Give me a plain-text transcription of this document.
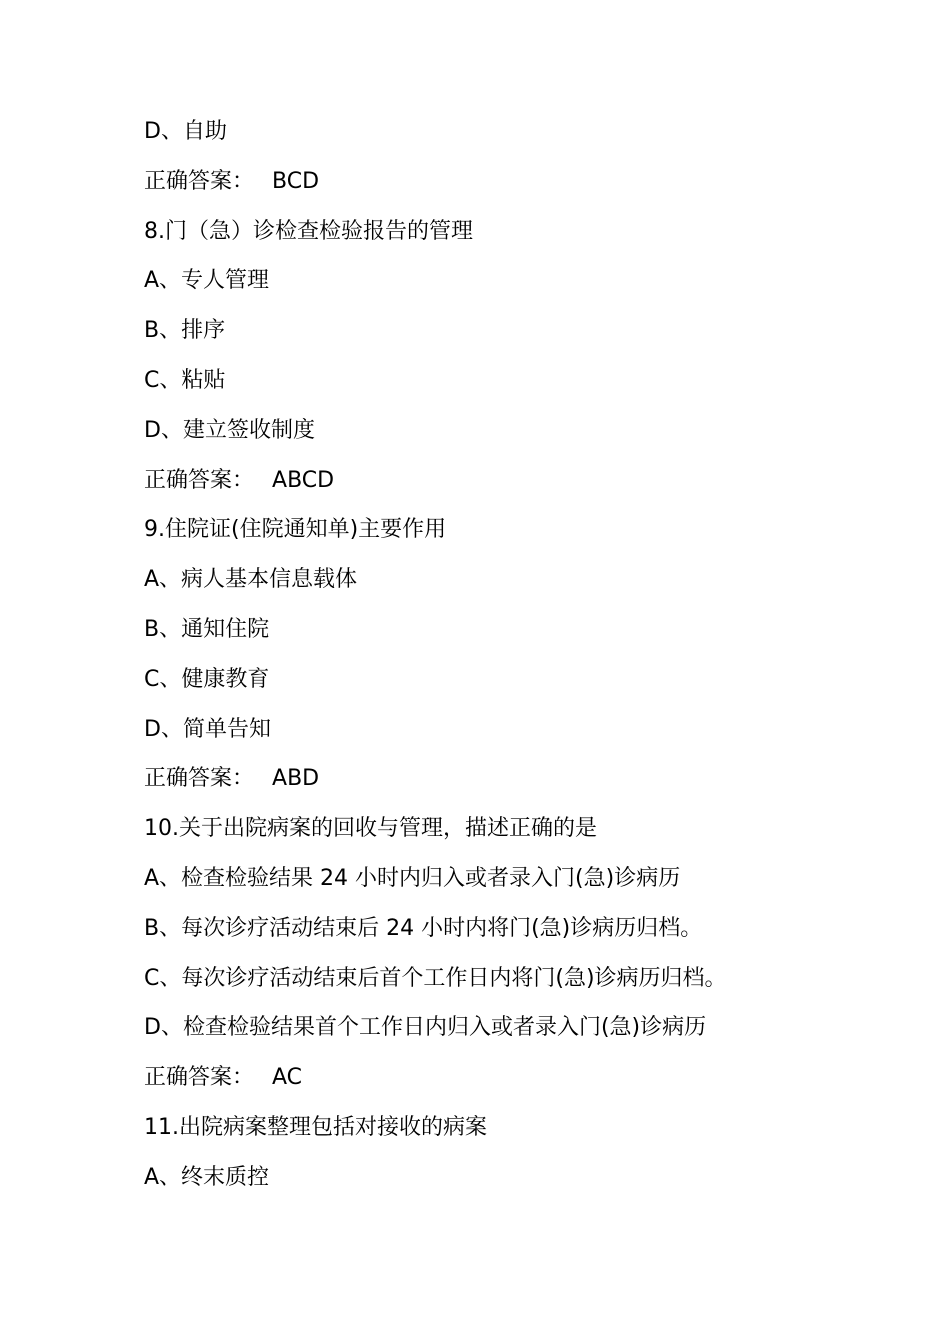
D、自助
正确答案： BCD
8.门（急）诊检查检验报告的管理
A、专人管理
B、排序
C、粘贴
D、建立签收制度
正确答案： ABCD
9.住院证(住院通知单)主要作用
A、病人基本信息载体
B、通知住院
C、健康教育
D、简单告知
正确答案： ABD
10.关于出院病案的回收与管理，描述正确的是
A、检查检验结果 24 小时内归入或者录入门(急)诊病历
B、每次诊疗活动结束后 24 小时内将门(急)诊病历归档。
C、每次诊疗活动结束后首个工作日内将门(急)诊病历归档。
D、检查检验结果首个工作日内归入或者录入门(急)诊病历
正确答案： AC
11.出院病案整理包括对接收的病案
A、终末质控
